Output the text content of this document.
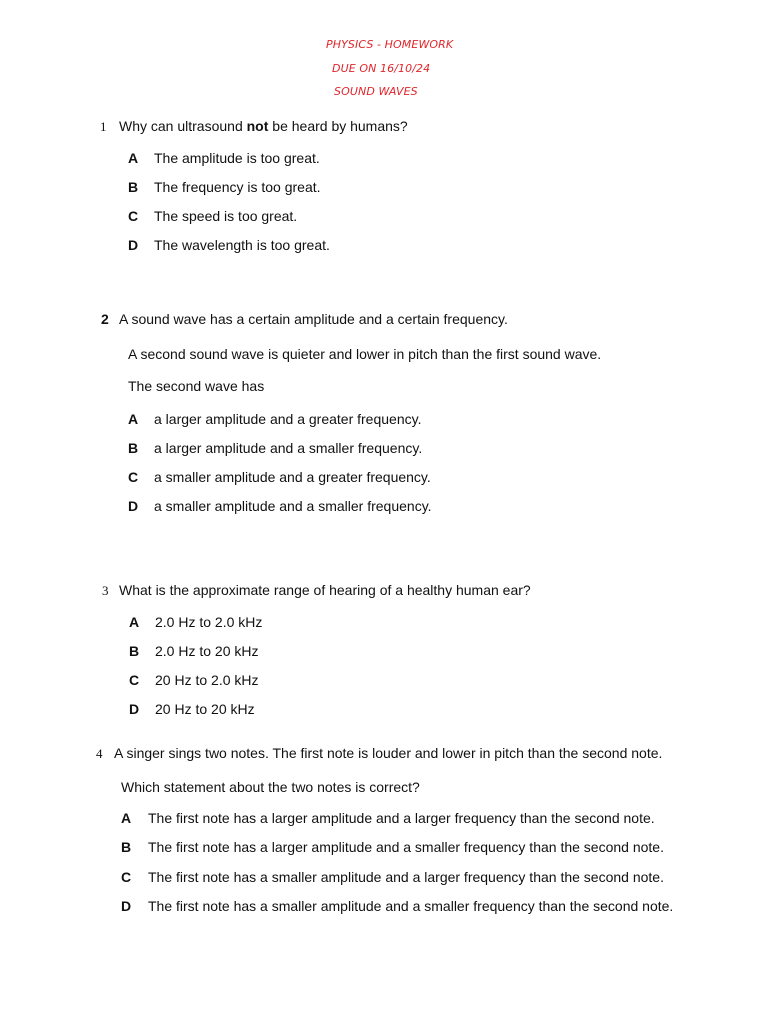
PHYSICS - HOMEWORK
DUE ON 16/10/24
SOUND WAVES
1 Why can ultrasound not be heard by humans?
A The amplitude is too great.
B The frequency is too great.
C The speed is too great.
D The wavelength is too great.
2 A sound wave has a certain amplitude and a certain frequency.
A second sound wave is quieter and lower in pitch than the first sound wave.
The second wave has
A a larger amplitude and a greater frequency.
B a larger amplitude and a smaller frequency.
C a smaller amplitude and a greater frequency.
D a smaller amplitude and a smaller frequency.
3 What is the approximate range of hearing of a healthy human ear?
A 2.0 Hz to 2.0 kHz
B 2.0 Hz to 20 kHz
C 20 Hz to 2.0 kHz
D 20 Hz to 20 kHz
4 A singer sings two notes. The first note is louder and lower in pitch than the second note.
Which statement about the two notes is correct?
A The first note has a larger amplitude and a larger frequency than the second note.
B The first note has a larger amplitude and a smaller frequency than the second note.
C The first note has a smaller amplitude and a larger frequency than the second note.
D The first note has a smaller amplitude and a smaller frequency than the second note.
